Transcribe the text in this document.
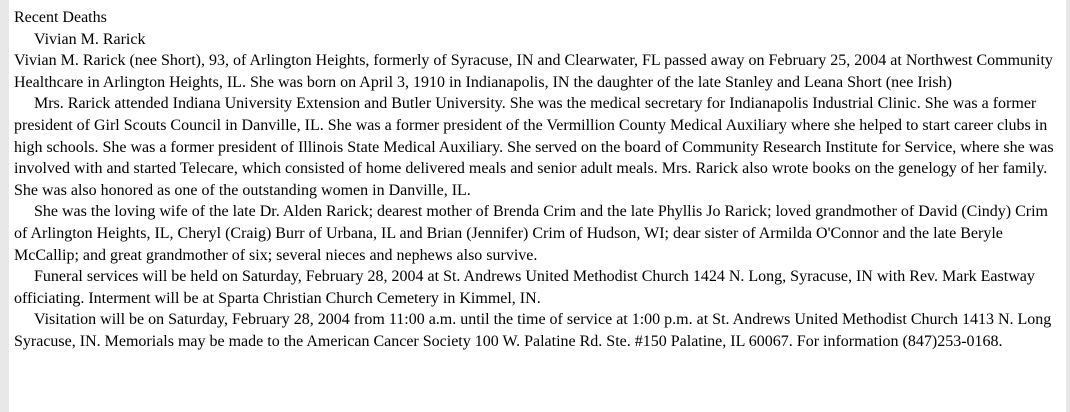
Recent Deaths

Vivian M. Rarick

Vivian M. Rarick (nee Short), 93, of Arlington Heights, formerly of Syracuse, IN and Clearwater, FL passed away on February 25, 2004 at Northwest Community Healthcare in Arlington Heights, IL. She was born on April 3, 1910 in Indianapolis, IN the daughter of the late Stanley and Leana Short (nee Irish)

Mrs. Rarick attended Indiana University Extension and Butler University. She was the medical secretary for Indianapolis Industrial Clinic. She was a former president of Girl Scouts Council in Danville, IL. She was a former president of the Vermillion County Medical Auxiliary where she helped to start career clubs in high schools. She was a former president of Illinois State Medical Auxiliary. She served on the board of Community Research Institute for Service, where she was involved with and started Telecare, which consisted of home delivered meals and senior adult meals. Mrs. Rarick also wrote books on the genelogy of her family. She was also honored as one of the outstanding women in Danville, IL.

She was the loving wife of the late Dr. Alden Rarick; dearest mother of Brenda Crim and the late Phyllis Jo Rarick; loved grandmother of David (Cindy) Crim of Arlington Heights, IL, Cheryl (Craig) Burr of Urbana, IL and Brian (Jennifer) Crim of Hudson, WI; dear sister of Armilda O'Connor and the late Beryle McCallip; and great grandmother of six; several nieces and nephews also survive.

Funeral services will be held on Saturday, February 28, 2004 at St. Andrews United Methodist Church 1424 N. Long, Syracuse, IN with Rev. Mark Eastway officiating. Interment will be at Sparta Christian Church Cemetery in Kimmel, IN.

Visitation will be on Saturday, February 28, 2004 from 11:00 a.m. until the time of service at 1:00 p.m. at St. Andrews United Methodist Church 1413 N. Long Syracuse, IN. Memorials may be made to the American Cancer Society 100 W. Palatine Rd. Ste. #150 Palatine, IL 60067. For information (847)253-0168.
